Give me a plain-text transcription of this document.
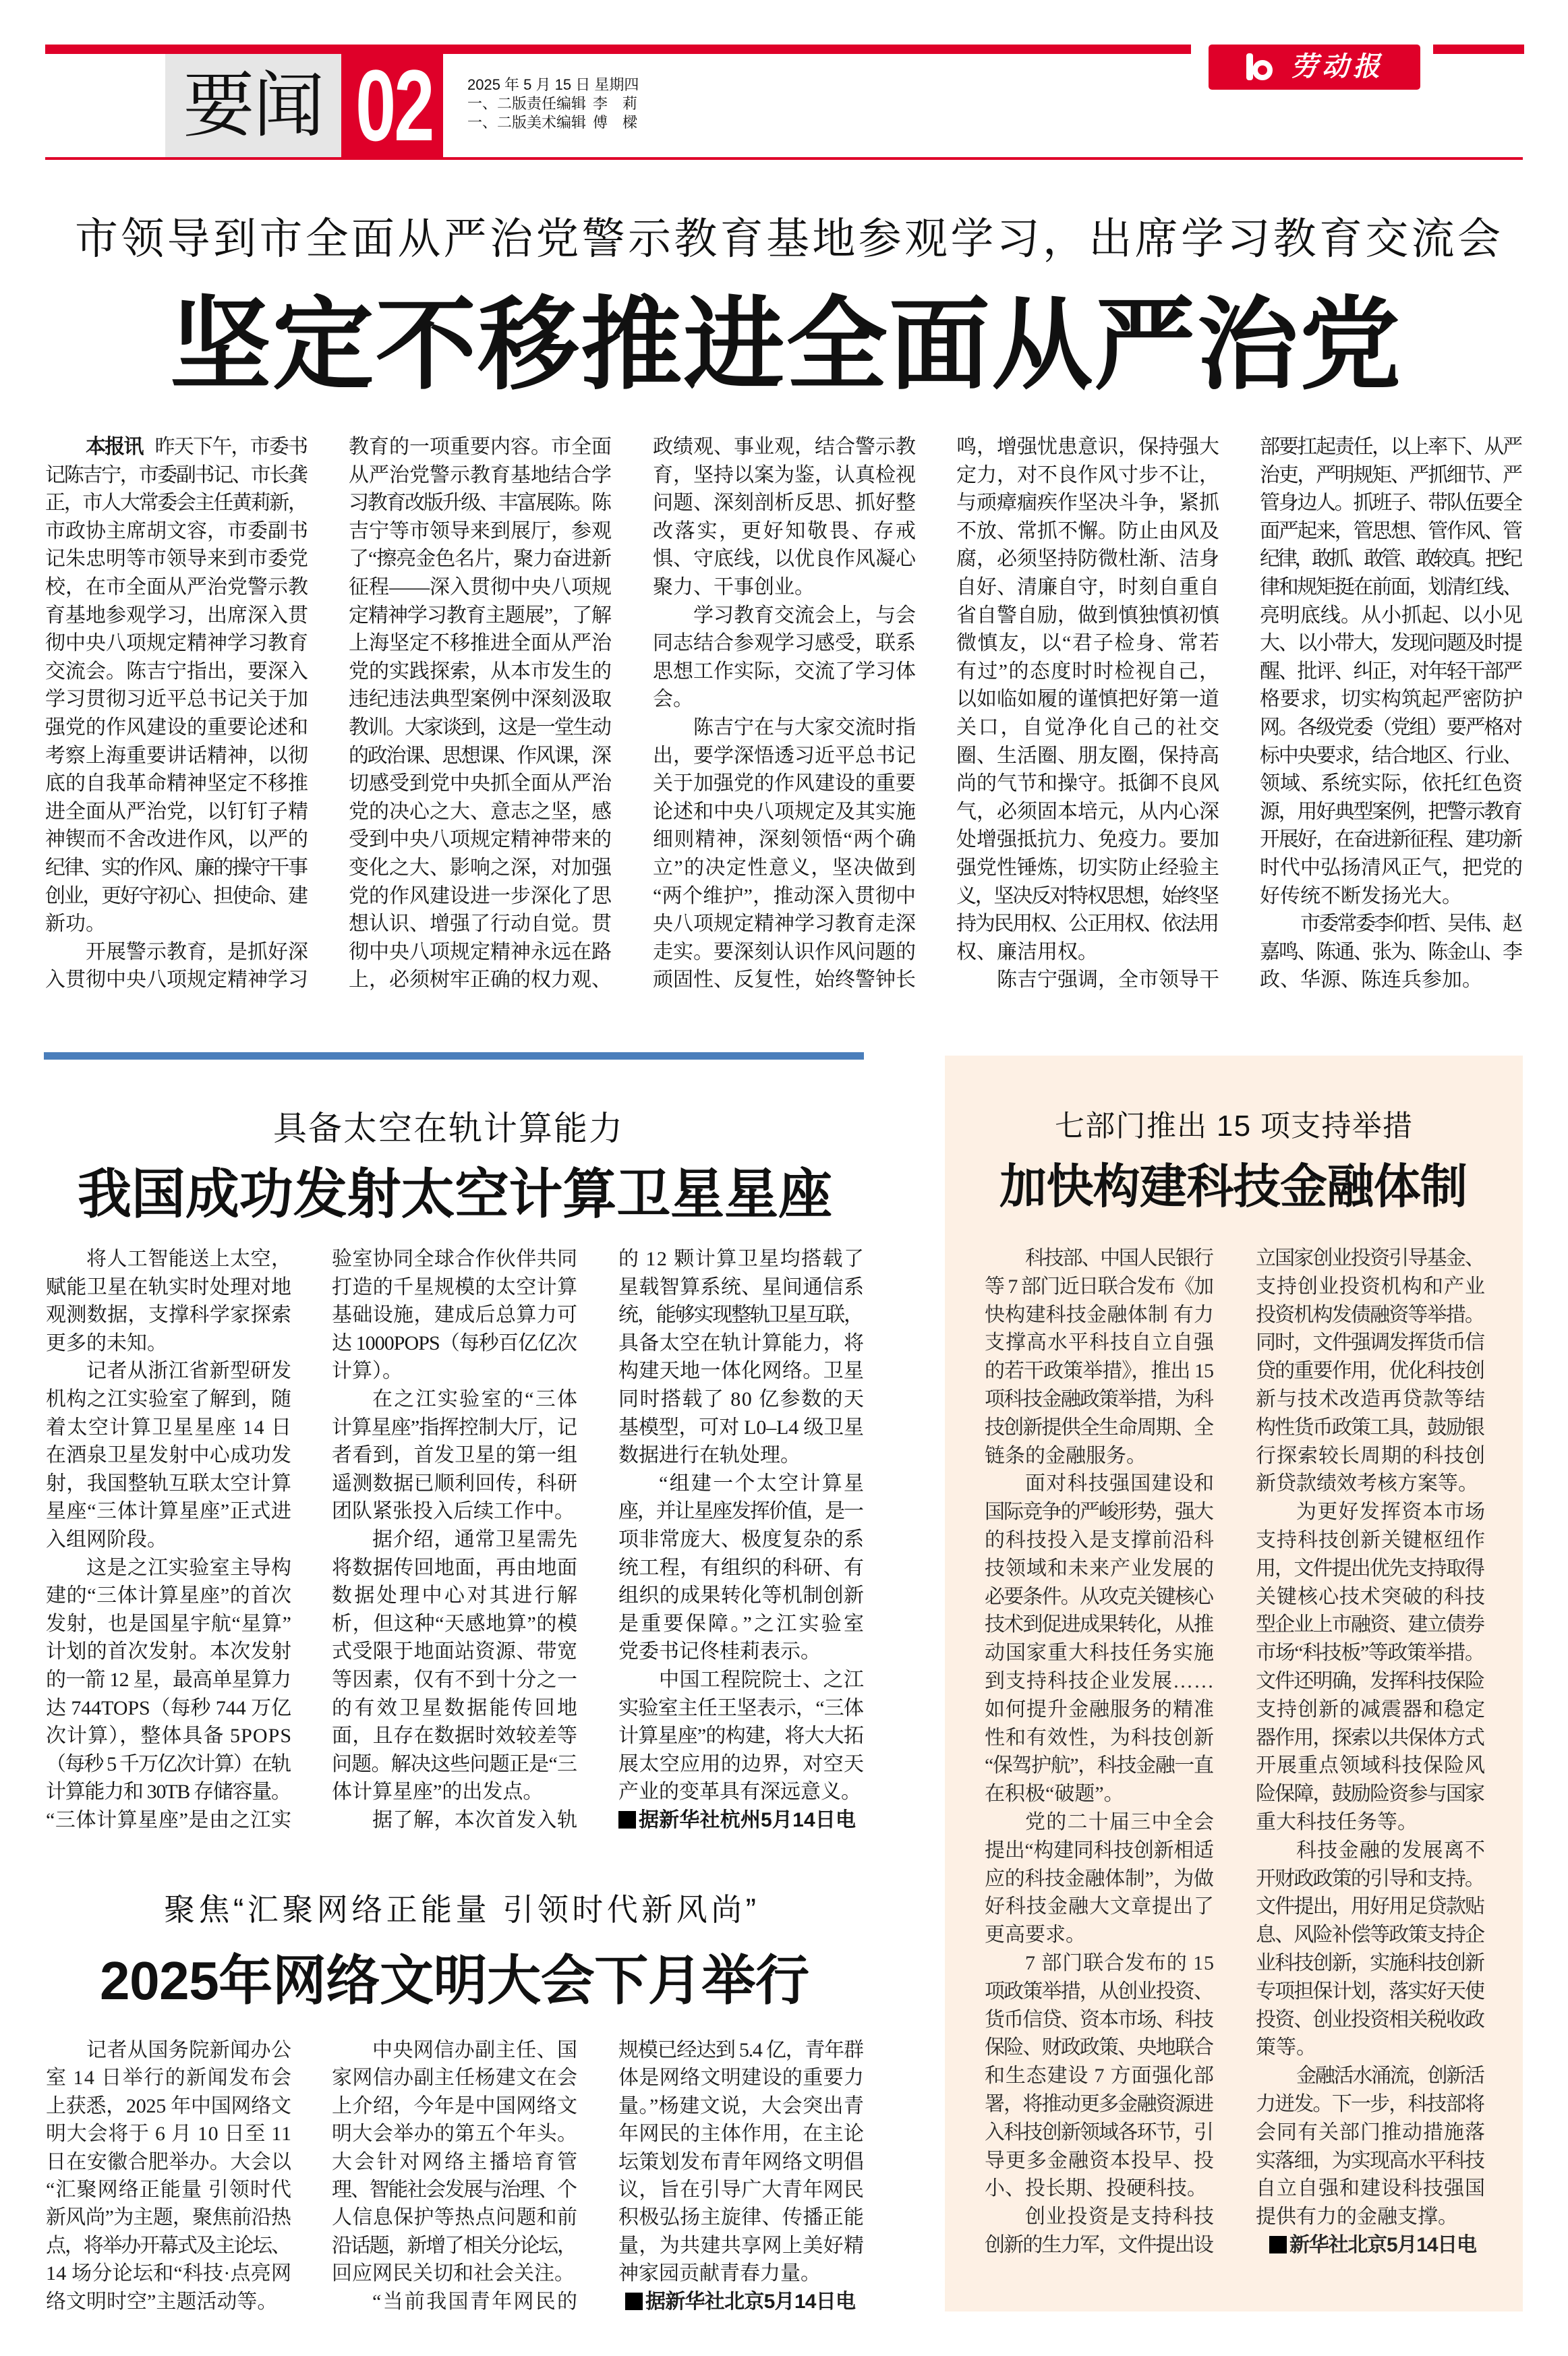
劳动报
要闻 02 2025 年 5 月 15 日 星期四
一、二版责任编辑 李　莉
一、二版美术编辑 傅　樑
市领导到市全面从严治党警示教育基地参观学习，出席学习教育交流会
坚定不移推进全面从严治党
本报讯 昨天下午，市委书
记陈吉宁，市委副书记、市长龚
正，市人大常委会主任黄莉新，
市政协主席胡文容，市委副书
记朱忠明等市领导来到市委党
校，在市全面从严治党警示教
育基地参观学习，出席深入贯
彻中央八项规定精神学习教育
交流会。陈吉宁指出，要深入
学习贯彻习近平总书记关于加
强党的作风建设的重要论述和
考察上海重要讲话精神，以彻
底的自我革命精神坚定不移推
进全面从严治党，以钉钉子精
神锲而不舍改进作风，以严的
纪律、实的作风、廉的操守干事
创业，更好守初心、担使命、建
新功。
开展警示教育，是抓好深
入贯彻中央八项规定精神学习
教育的一项重要内容。市全面
从严治党警示教育基地结合学
习教育改版升级、丰富展陈。陈
吉宁等市领导来到展厅，参观
了“擦亮金色名片，聚力奋进新
征程——深入贯彻中央八项规
定精神学习教育主题展”，了解
上海坚定不移推进全面从严治
党的实践探索，从本市发生的
违纪违法典型案例中深刻汲取
教训。大家谈到，这是一堂生动
的政治课、思想课、作风课，深
切感受到党中央抓全面从严治
党的决心之大、意志之坚，感
受到中央八项规定精神带来的
变化之大、影响之深，对加强
党的作风建设进一步深化了思
想认识、增强了行动自觉。贯
彻中央八项规定精神永远在路
上，必须树牢正确的权力观、
政绩观、事业观，结合警示教
育，坚持以案为鉴，认真检视
问题、深刻剖析反思、抓好整
改落实，更好知敬畏、存戒
惧、守底线，以优良作风凝心
聚力、干事创业。
学习教育交流会上，与会
同志结合参观学习感受，联系
思想工作实际，交流了学习体
会。
陈吉宁在与大家交流时指
出，要学深悟透习近平总书记
关于加强党的作风建设的重要
论述和中央八项规定及其实施
细则精神，深刻领悟“两个确
立”的决定性意义，坚决做到
“两个维护”，推动深入贯彻中
央八项规定精神学习教育走深
走实。要深刻认识作风问题的
顽固性、反复性，始终警钟长
鸣，增强忧患意识，保持强大
定力，对不良作风寸步不让，
与顽瘴痼疾作坚决斗争，紧抓
不放、常抓不懈。防止由风及
腐，必须坚持防微杜渐、洁身
自好、清廉自守，时刻自重自
省自警自励，做到慎独慎初慎
微慎友，以“君子检身、常若
有过”的态度时时检视自己，
以如临如履的谨慎把好第一道
关口，自觉净化自己的社交
圈、生活圈、朋友圈，保持高
尚的气节和操守。抵御不良风
气，必须固本培元，从内心深
处增强抵抗力、免疫力。要加
强党性锤炼，切实防止经验主
义，坚决反对特权思想，始终坚
持为民用权、公正用权、依法用
权、廉洁用权。
陈吉宁强调，全市领导干
部要扛起责任，以上率下、从严
治吏，严明规矩、严抓细节、严
管身边人。抓班子、带队伍要全
面严起来，管思想、管作风、管
纪律，敢抓、敢管、敢较真。把纪
律和规矩挺在前面，划清红线、
亮明底线。从小抓起、以小见
大、以小带大，发现问题及时提
醒、批评、纠正，对年轻干部严
格要求，切实构筑起严密防护
网。各级党委（党组）要严格对
标中央要求，结合地区、行业、
领域、系统实际，依托红色资
源，用好典型案例，把警示教育
开展好，在奋进新征程、建功新
时代中弘扬清风正气，把党的
好传统不断发扬光大。
市委常委李仰哲、吴伟、赵
嘉鸣、陈通、张为、陈金山、李
政、华源、陈连兵参加。
具备太空在轨计算能力
我国成功发射太空计算卫星星座
将人工智能送上太空，
赋能卫星在轨实时处理对地
观测数据，支撑科学家探索
更多的未知。
记者从浙江省新型研发
机构之江实验室了解到，随
着太空计算卫星星座 14 日
在酒泉卫星发射中心成功发
射，我国整轨互联太空计算
星座“三体计算星座”正式进
入组网阶段。
这是之江实验室主导构
建的“三体计算星座”的首次
发射，也是国星宇航“星算”
计划的首次发射。本次发射
的一箭 12 星，最高单星算力
达 744TOPS（每秒 744 万亿
次计算），整体具备 5POPS
（每秒 5 千万亿次计算）在轨
计算能力和 30TB 存储容量。
“三体计算星座”是由之江实
验室协同全球合作伙伴共同
打造的千星规模的太空计算
基础设施，建成后总算力可
达 1000POPS（每秒百亿亿次
计算）。
在之江实验室的“三体
计算星座”指挥控制大厅，记
者看到，首发卫星的第一组
遥测数据已顺利回传，科研
团队紧张投入后续工作中。
据介绍，通常卫星需先
将数据传回地面，再由地面
数据处理中心对其进行解
析，但这种“天感地算”的模
式受限于地面站资源、带宽
等因素，仅有不到十分之一
的有效卫星数据能传回地
面，且存在数据时效较差等
问题。解决这些问题正是“三
体计算星座”的出发点。
据了解，本次首发入轨
的 12 颗计算卫星均搭载了
星载智算系统、星间通信系
统，能够实现整轨卫星互联，
具备太空在轨计算能力，将
构建天地一体化网络。卫星
同时搭载了 80 亿参数的天
基模型，可对 L0–L4 级卫星
数据进行在轨处理。
“组建一个太空计算星
座，并让星座发挥价值，是一
项非常庞大、极度复杂的系
统工程，有组织的科研、有
组织的成果转化等机制创新
是重要保障。”之江实验室
党委书记佟桂莉表示。
中国工程院院士、之江
实验室主任王坚表示，“三体
计算星座”的构建，将大大拓
展太空应用的边界，对空天
产业的变革具有深远意义。
据新华社杭州5月14日电
聚焦“汇聚网络正能量 引领时代新风尚”
2025年网络文明大会下月举行
记者从国务院新闻办公
室 14 日举行的新闻发布会
上获悉，2025 年中国网络文
明大会将于 6 月 10 日至 11
日在安徽合肥举办。大会以
“汇聚网络正能量 引领时代
新风尚”为主题，聚焦前沿热
点，将举办开幕式及主论坛、
14 场分论坛和“科技·点亮网
络文明时空”主题活动等。
中央网信办副主任、国
家网信办副主任杨建文在会
上介绍，今年是中国网络文
明大会举办的第五个年头。
大会针对网络主播培育管
理、智能社会发展与治理、个
人信息保护等热点问题和前
沿话题，新增了相关分论坛，
回应网民关切和社会关注。
“当前我国青年网民的
规模已经达到 5.4 亿，青年群
体是网络文明建设的重要力
量。”杨建文说，大会突出青
年网民的主体作用，在主论
坛策划发布青年网络文明倡
议，旨在引导广大青年网民
积极弘扬主旋律、传播正能
量，为共建共享网上美好精
神家园贡献青春力量。
据新华社北京5月14日电
七部门推出 15 项支持举措
加快构建科技金融体制
科技部、中国人民银行
等 7 部门近日联合发布《加
快构建科技金融体制 有力
支撑高水平科技自立自强
的若干政策举措》，推出 15
项科技金融政策举措，为科
技创新提供全生命周期、全
链条的金融服务。
面对科技强国建设和
国际竞争的严峻形势，强大
的科技投入是支撑前沿科
技领域和未来产业发展的
必要条件。从攻克关键核心
技术到促进成果转化，从推
动国家重大科技任务实施
到支持科技企业发展……
如何提升金融服务的精准
性和有效性，为科技创新
“保驾护航”，科技金融一直
在积极“破题”。
党的二十届三中全会
提出“构建同科技创新相适
应的科技金融体制”，为做
好科技金融大文章提出了
更高要求。
7 部门联合发布的 15
项政策举措，从创业投资、
货币信贷、资本市场、科技
保险、财政政策、央地联合
和生态建设 7 方面强化部
署，将推动更多金融资源进
入科技创新领域各环节，引
导更多金融资本投早、投
小、投长期、投硬科技。
创业投资是支持科技
创新的生力军，文件提出设
立国家创业投资引导基金、
支持创业投资机构和产业
投资机构发债融资等举措。
同时，文件强调发挥货币信
贷的重要作用，优化科技创
新与技术改造再贷款等结
构性货币政策工具，鼓励银
行探索较长周期的科技创
新贷款绩效考核方案等。
为更好发挥资本市场
支持科技创新关键枢纽作
用，文件提出优先支持取得
关键核心技术突破的科技
型企业上市融资、建立债券
市场“科技板”等政策举措。
文件还明确，发挥科技保险
支持创新的减震器和稳定
器作用，探索以共保体方式
开展重点领域科技保险风
险保障，鼓励险资参与国家
重大科技任务等。
科技金融的发展离不
开财政政策的引导和支持。
文件提出，用好用足贷款贴
息、风险补偿等政策支持企
业科技创新，实施科技创新
专项担保计划，落实好天使
投资、创业投资相关税收政
策等。
金融活水涌流，创新活
力迸发。下一步，科技部将
会同有关部门推动措施落
实落细，为实现高水平科技
自立自强和建设科技强国
提供有力的金融支撑。
新华社北京5月14日电
